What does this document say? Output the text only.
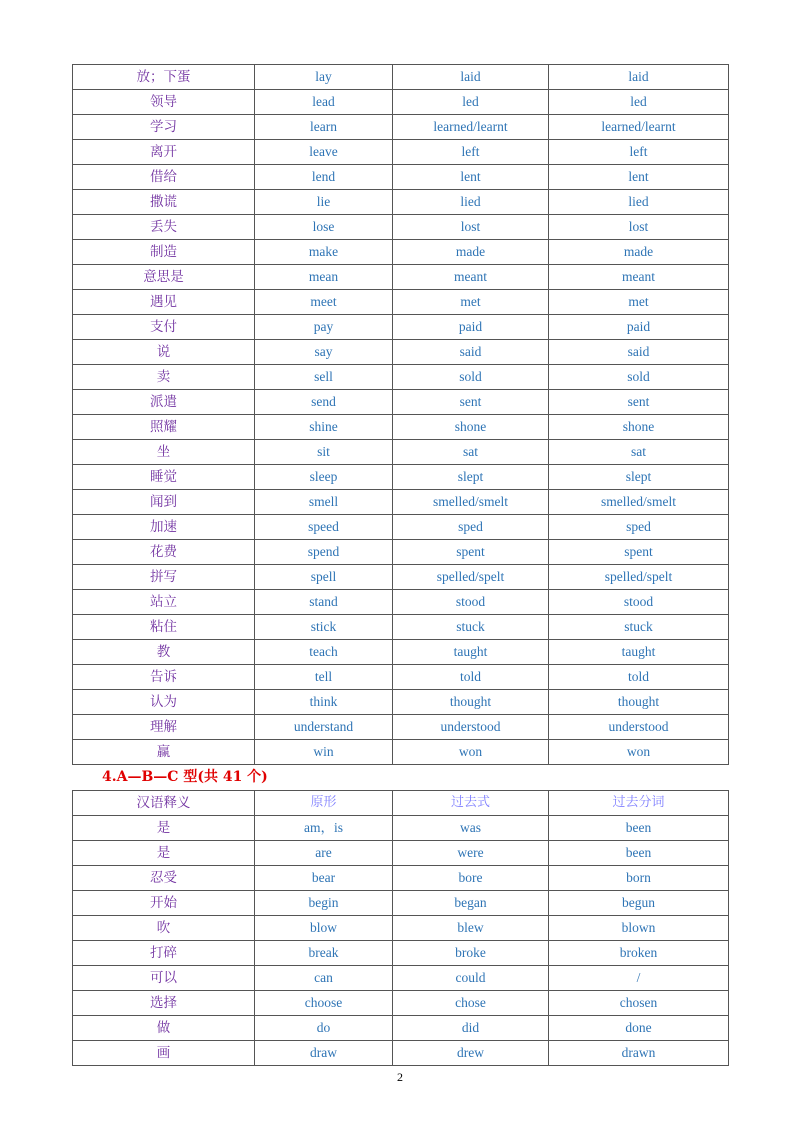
放；下蛋	lay	laid	laid
领导	lead	led	led
学习	learn	learned/learnt	learned/learnt
离开	leave	left	left
借给	lend	lent	lent
撒谎	lie	lied	lied
丢失	lose	lost	lost
制造	make	made	made
意思是	mean	meant	meant
遇见	meet	met	met
支付	pay	paid	paid
说	say	said	said
卖	sell	sold	sold
派遣	send	sent	sent
照耀	shine	shone	shone
坐	sit	sat	sat
睡觉	sleep	slept	slept
闻到	smell	smelled/smelt	smelled/smelt
加速	speed	sped	sped
花费	spend	spent	spent
拼写	spell	spelled/spelt	spelled/spelt
站立	stand	stood	stood
粘住	stick	stuck	stuck
教	teach	taught	taught
告诉	tell	told	told
认为	think	thought	thought
理解	understand	understood	understood
赢	win	won	won
4.A—B—C 型(共 41 个)
汉语释义	原形	过去式	过去分词
是	am，is	was	been
是	are	were	been
忍受	bear	bore	born
开始	begin	began	begun
吹	blow	blew	blown
打碎	break	broke	broken
可以	can	could	/
选择	choose	chose	chosen
做	do	did	done
画	draw	drew	drawn
2
